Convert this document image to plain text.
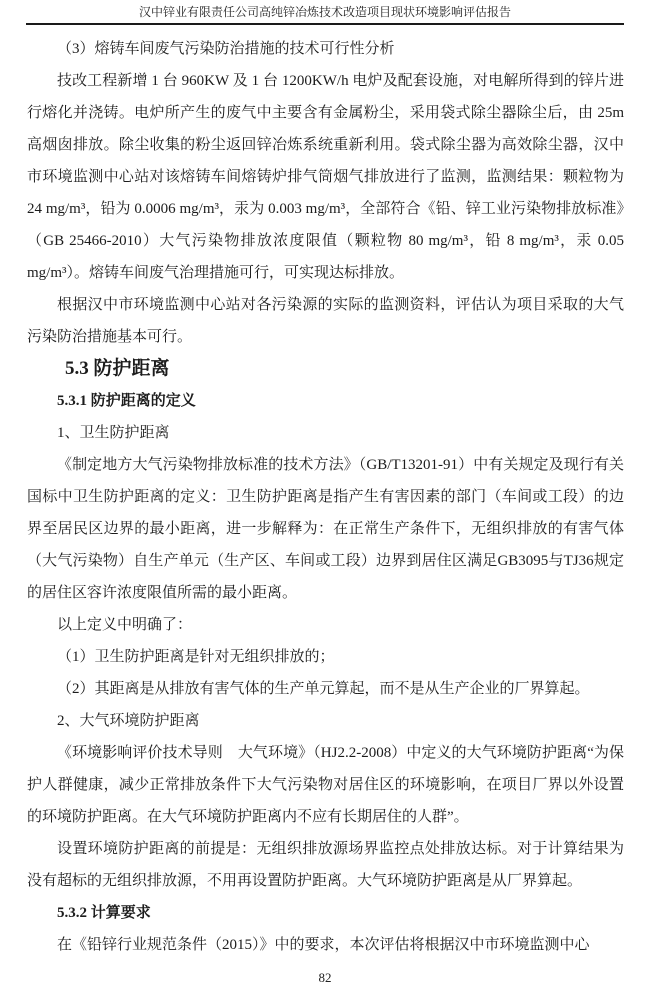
汉中锌业有限责任公司高纯锌冶炼技术改造项目现状环境影响评估报告

（3）熔铸车间废气污染防治措施的技术可行性分析

技改工程新增 1 台 960KW 及 1 台 1200KW/h 电炉及配套设施，对电解所得到的锌片进行熔化并浇铸。电炉所产生的废气中主要含有金属粉尘，采用袋式除尘器除尘后，由 25m 高烟囱排放。除尘收集的粉尘返回锌冶炼系统重新利用。袋式除尘器为高效除尘器，汉中市环境监测中心站对该熔铸车间熔铸炉排气筒烟气排放进行了监测，监测结果：颗粒物为 24 mg/m³，铅为 0.0006 mg/m³，汞为 0.003 mg/m³，全部符合《铅、锌工业污染物排放标准》（GB 25466-2010）大气污染物排放浓度限值（颗粒物 80 mg/m³，铅 8 mg/m³，汞 0.05 mg/m³）。熔铸车间废气治理措施可行，可实现达标排放。

根据汉中市环境监测中心站对各污染源的实际的监测资料，评估认为项目采取的大气污染防治措施基本可行。

5.3 防护距离

5.3.1 防护距离的定义

1、卫生防护距离

《制定地方大气污染物排放标准的技术方法》（GB/T13201-91）中有关规定及现行有关国标中卫生防护距离的定义：卫生防护距离是指产生有害因素的部门（车间或工段）的边界至居民区边界的最小距离，进一步解释为：在正常生产条件下，无组织排放的有害气体（大气污染物）自生产单元（生产区、车间或工段）边界到居住区满足GB3095与TJ36规定的居住区容许浓度限值所需的最小距离。

以上定义中明确了：

（1）卫生防护距离是针对无组织排放的；

（2）其距离是从排放有害气体的生产单元算起，而不是从生产企业的厂界算起。

2、大气环境防护距离

《环境影响评价技术导则　大气环境》（HJ2.2-2008）中定义的大气环境防护距离“为保护人群健康，减少正常排放条件下大气污染物对居住区的环境影响，在项目厂界以外设置的环境防护距离。在大气环境防护距离内不应有长期居住的人群”。

设置环境防护距离的前提是：无组织排放源场界监控点处排放达标。对于计算结果为没有超标的无组织排放源，不用再设置防护距离。大气环境防护距离是从厂界算起。

5.3.2 计算要求

在《铅锌行业规范条件（2015）》中的要求，本次评估将根据汉中市环境监测中心

82
